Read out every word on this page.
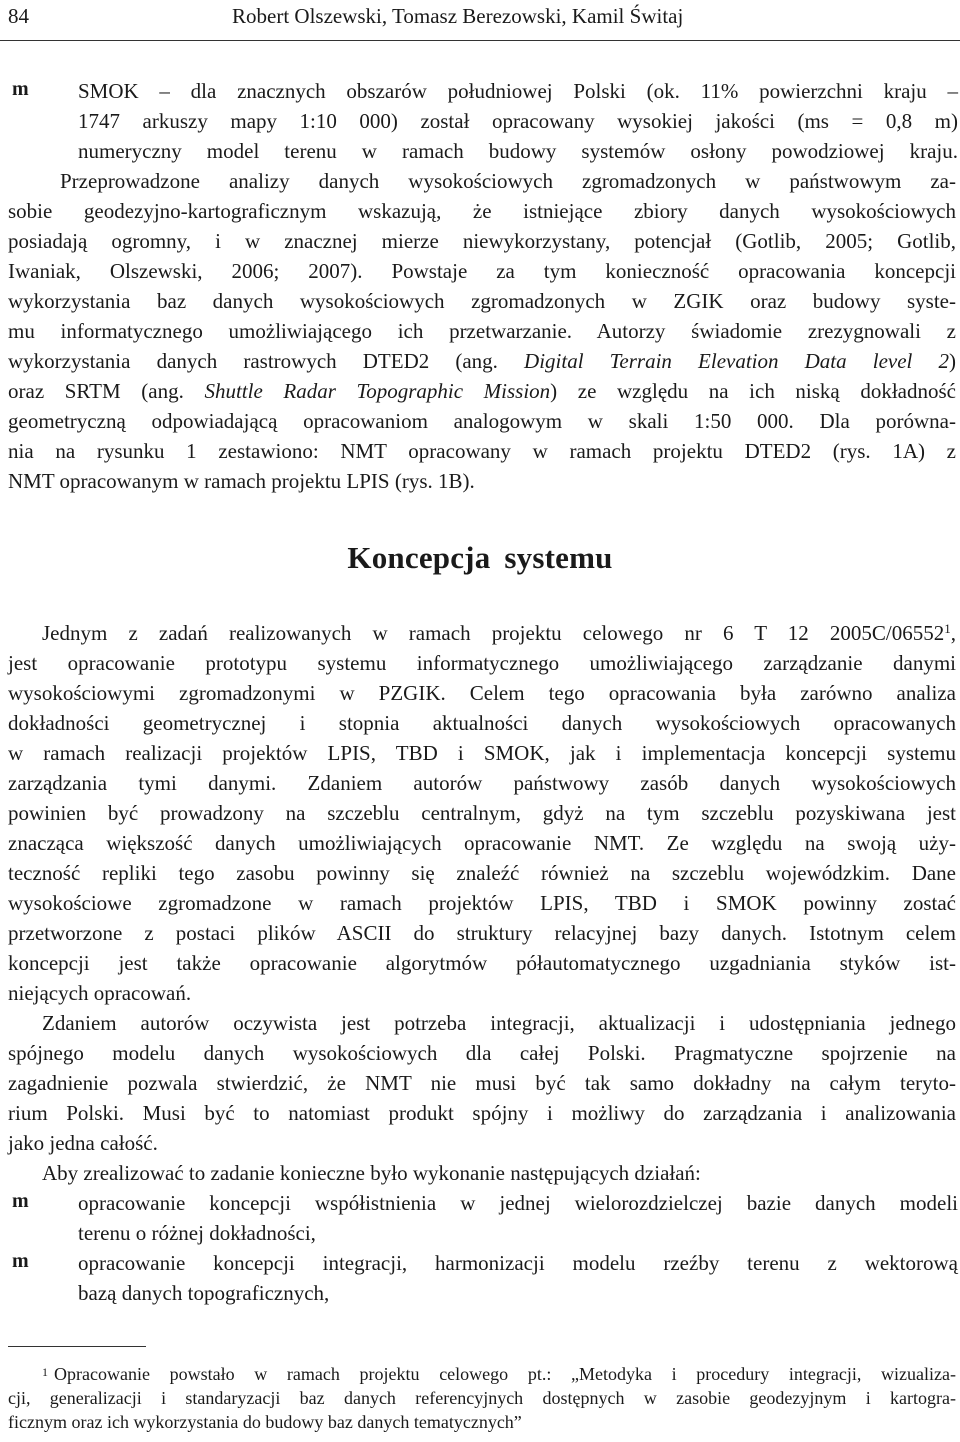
84	Robert Olszewski, Tomasz Berezowski, Kamil Świtaj
m SMOK – dla znacznych obszarów południowej Polski (ok. 11% powierzchni kraju –
1747 arkuszy mapy 1:10 000) został opracowany wysokiej jakości (ms = 0,8 m)
numeryczny model terenu w ramach budowy systemów osłony powodziowej kraju.
Przeprowadzone analizy danych wysokościowych zgromadzonych w państwowym za-
sobie geodezyjno-kartograficznym wskazują, że istniejące zbiory danych wysokościowych
posiadają ogromny, i w znacznej mierze niewykorzystany, potencjał (Gotlib, 2005; Gotlib,
Iwaniak, Olszewski, 2006; 2007). Powstaje za tym konieczność opracowania koncepcji
wykorzystania baz danych wysokościowych zgromadzonych w ZGIK oraz budowy syste-
mu informatycznego umożliwiającego ich przetwarzanie. Autorzy świadomie zrezygnowali z
wykorzystania danych rastrowych DTED2 (ang. Digital Terrain Elevation Data level 2)
oraz SRTM (ang. Shuttle Radar Topographic Mission) ze względu na ich niską dokładność
geometryczną odpowiadającą opracowaniom analogowym w skali 1:50 000. Dla porówna-
nia na rysunku 1 zestawiono: NMT opracowany w ramach projektu DTED2 (rys. 1A) z
NMT opracowanym w ramach projektu LPIS (rys. 1B).
Koncepcja systemu
Jednym z zadań realizowanych w ramach projektu celowego nr 6 T 12 2005C/06552$^1$,
jest opracowanie prototypu systemu informatycznego umożliwiającego zarządzanie danymi
wysokościowymi zgromadzonymi w PZGIK. Celem tego opracowania była zarówno analiza
dokładności geometrycznej i stopnia aktualności danych wysokościowych opracowanych
w ramach realizacji projektów LPIS, TBD i SMOK, jak i implementacja koncepcji systemu
zarządzania tymi danymi. Zdaniem autorów państwowy zasób danych wysokościowych
powinien być prowadzony na szczeblu centralnym, gdyż na tym szczeblu pozyskiwana jest
znacząca większość danych umożliwiających opracowanie NMT. Ze względu na swoją uży-
teczność repliki tego zasobu powinny się znaleźć również na szczeblu wojewódzkim. Dane
wysokościowe zgromadzone w ramach projektów LPIS, TBD i SMOK powinny zostać
przetworzone z postaci plików ASCII do struktury relacyjnej bazy danych. Istotnym celem
koncepcji jest także opracowanie algorytmów półautomatycznego uzgadniania styków ist-
niejących opracowań.
Zdaniem autorów oczywista jest potrzeba integracji, aktualizacji i udostępniania jednego
spójnego modelu danych wysokościowych dla całej Polski. Pragmatyczne spojrzenie na
zagadnienie pozwala stwierdzić, że NMT nie musi być tak samo dokładny na całym teryto-
rium Polski. Musi być to natomiast produkt spójny i możliwy do zarządzania i analizowania
jako jedna całość.
Aby zrealizować to zadanie konieczne było wykonanie następujących działań:
m opracowanie koncepcji współistnienia w jednej wielorozdzielczej bazie danych modeli
terenu o różnej dokładności,
m opracowanie koncepcji integracji, harmonizacji modelu rzeźby terenu z wektorową
bazą danych topograficznych,
$^1$ Opracowanie powstało w ramach projektu celowego pt.: „Metodyka i procedury integracji, wizualiza-
cji, generalizacji i standaryzacji baz danych referencyjnych dostępnych w zasobie geodezyjnym i kartogra-
ficznym oraz ich wykorzystania do budowy baz danych tematycznych”
